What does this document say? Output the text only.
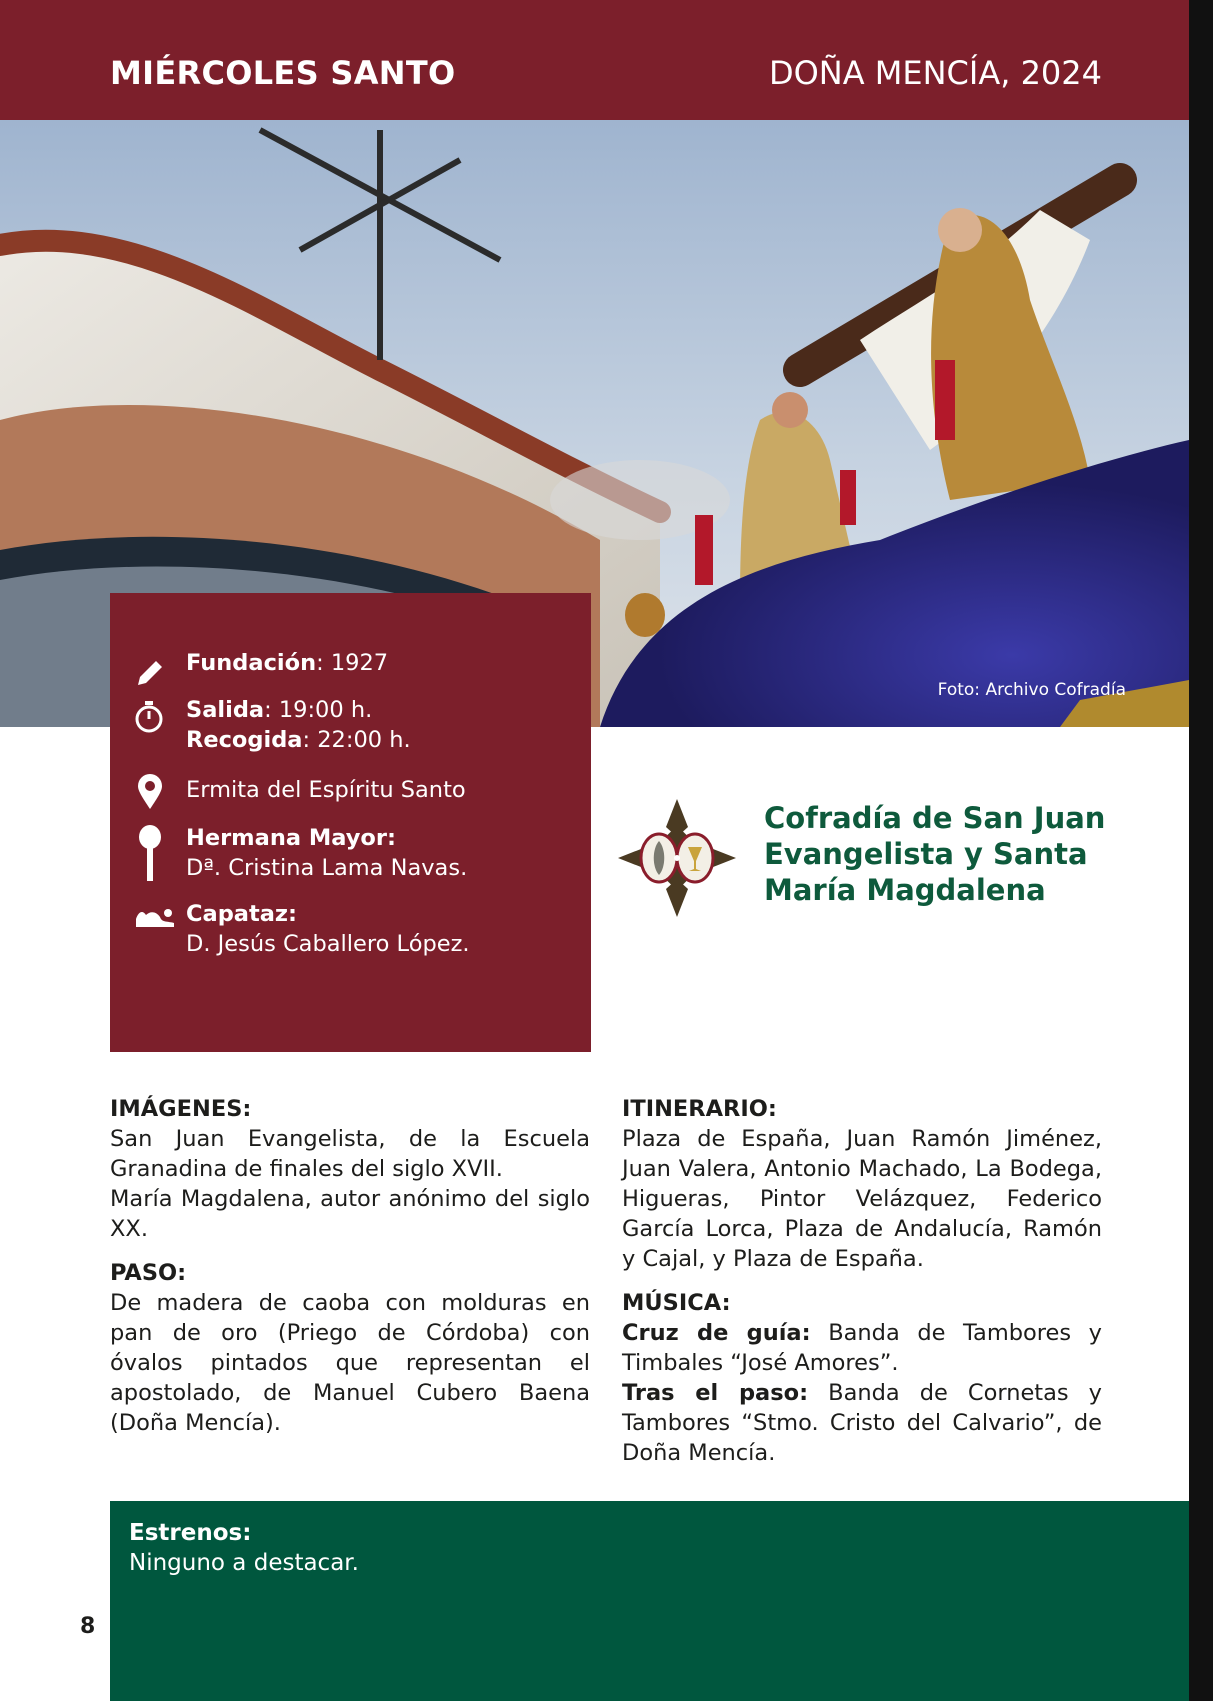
MIÉRCOLES SANTO	DOÑA MENCÍA, 2024
Foto: Archivo Cofradía
Fundación: 1927
Salida: 19:00 h.
Recogida: 22:00 h.
Ermita del Espíritu Santo
Hermana Mayor:
Dª. Cristina Lama Navas.
Capataz:
D. Jesús Caballero López.
Cofradía de San Juan
Evangelista y Santa
María Magdalena
IMÁGENES:
San Juan Evangelista, de la Escuela Granadina de finales del siglo XVII.
María Magdalena, autor anónimo del siglo XX.
PASO:
De madera de caoba con molduras en pan de oro (Priego de Córdoba) con óvalos pintados que representan el apostolado, de Manuel Cubero Baena (Doña Mencía).
ITINERARIO:
Plaza de España, Juan Ramón Jiménez, Juan Valera, Antonio Machado, La Bodega, Higueras, Pintor Velázquez, Federico García Lorca, Plaza de Andalucía, Ramón y Cajal, y Plaza de España.
MÚSICA:
Cruz de guía: Banda de Tambores y Timbales “José Amores”.
Tras el paso: Banda de Cornetas y Tambores “Stmo. Cristo del Calvario”, de Doña Mencía.
Estrenos:
Ninguno a destacar.
8
